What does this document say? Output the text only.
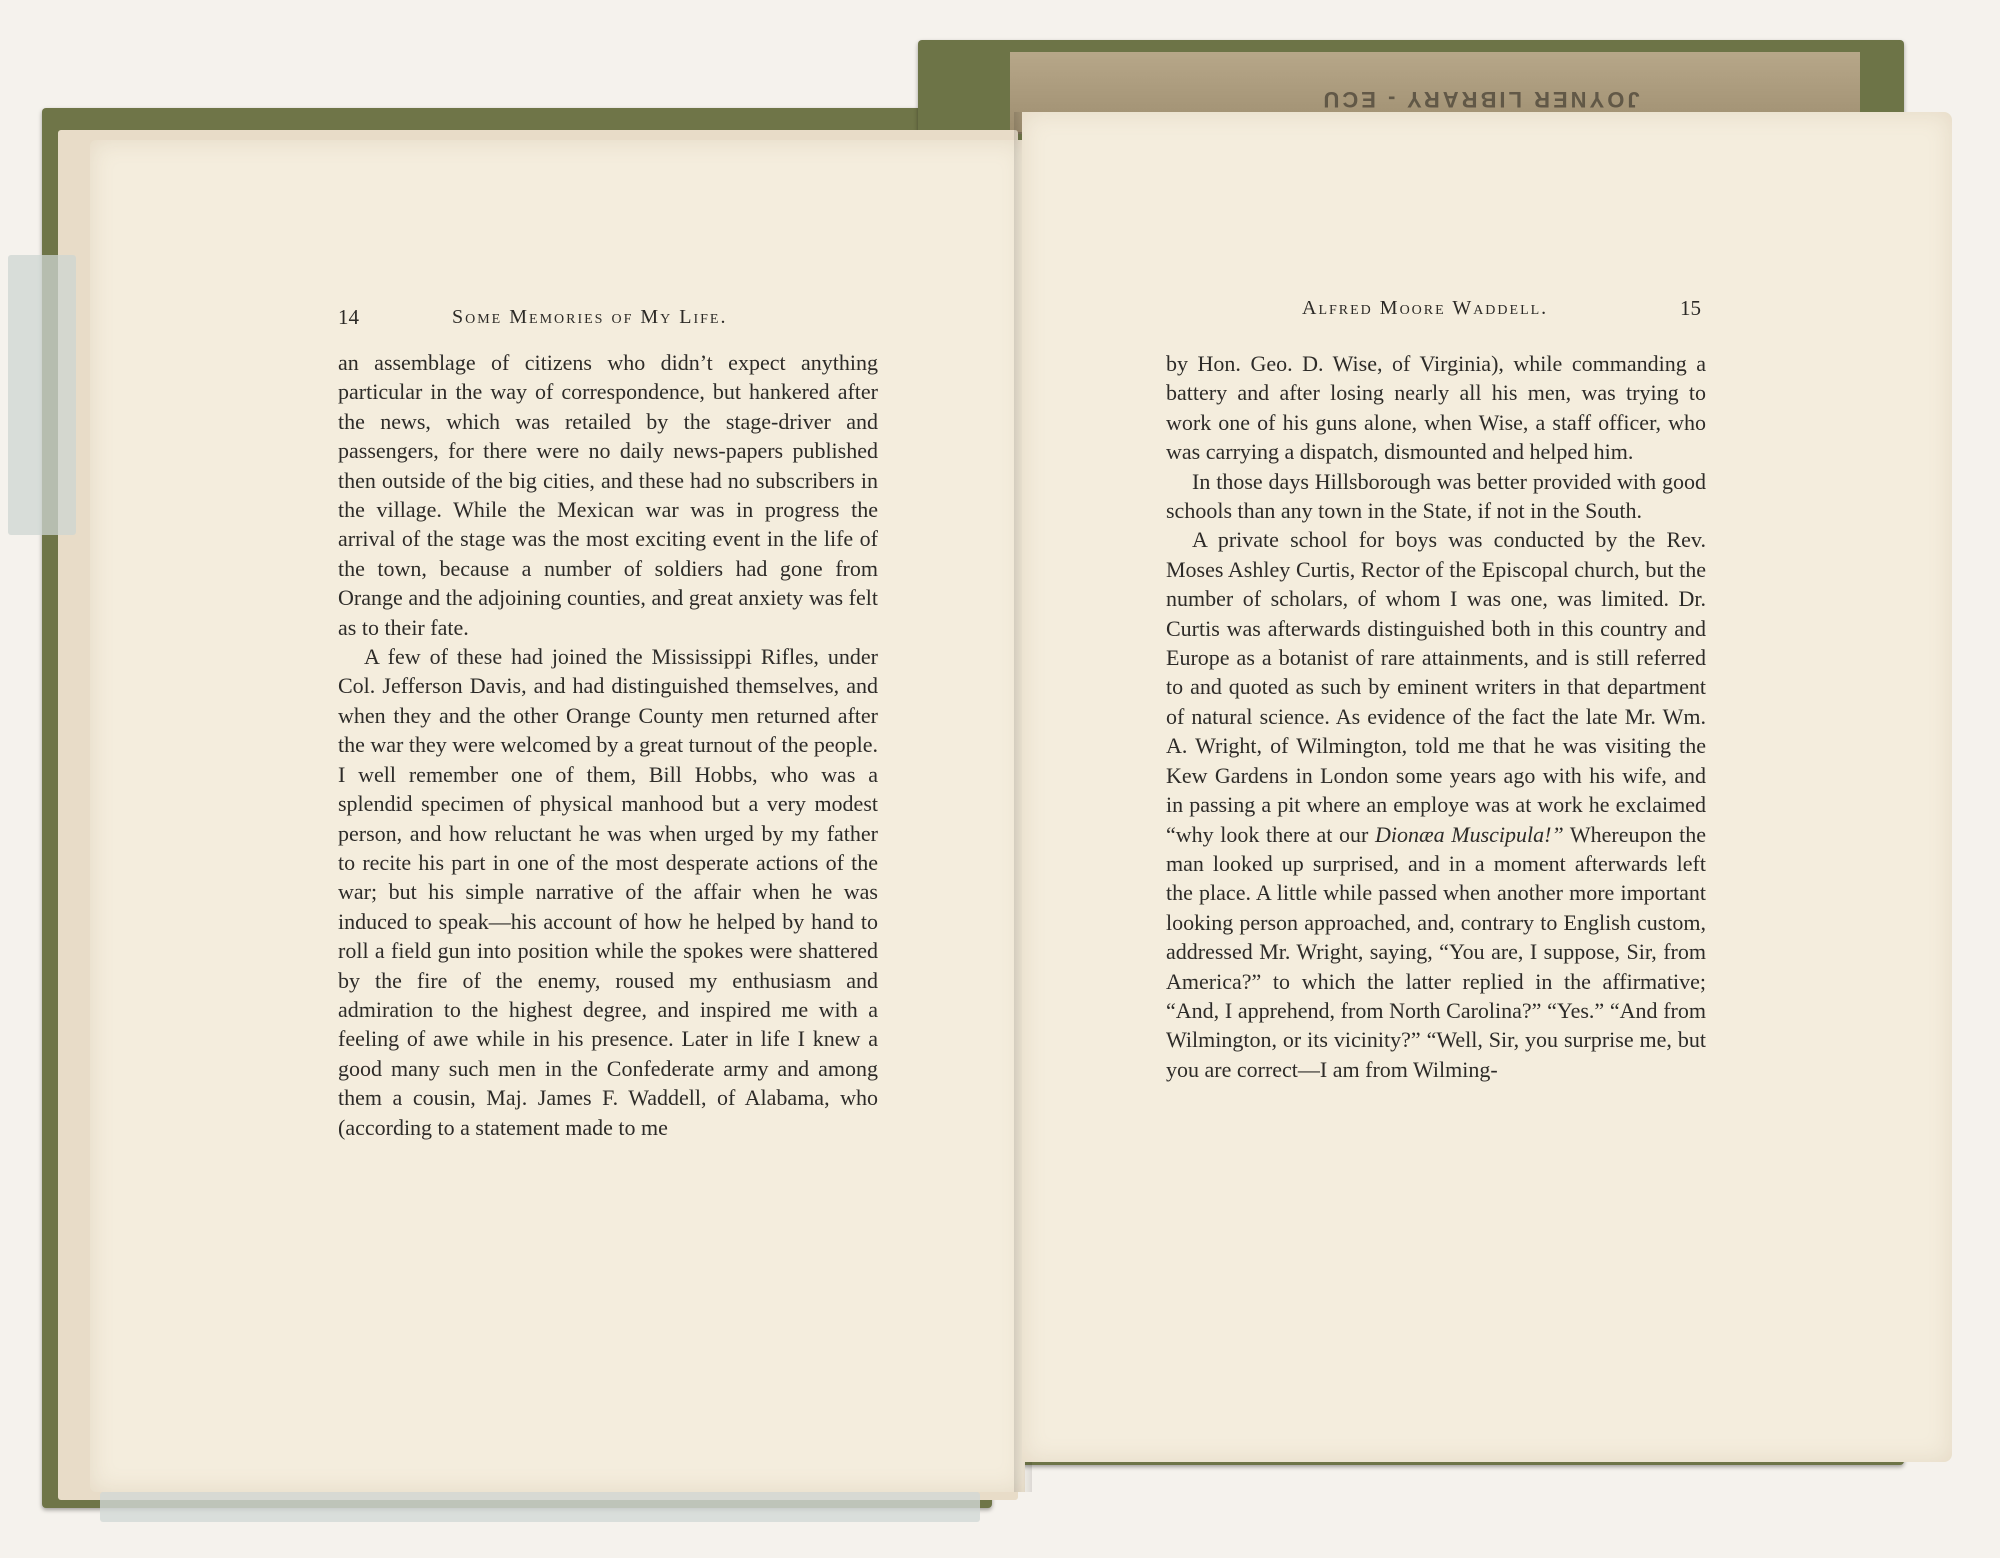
JOYNER LIBRARY - ECU
14	Some Memories of My Life.

an assemblage of citizens who didn’t expect anything particular in the way of correspondence, but hankered after the news, which was retailed by the stage-driver and passengers, for there were no daily news-papers published then outside of the big cities, and these had no subscribers in the village. While the Mexican war was in progress the arrival of the stage was the most exciting event in the life of the town, because a number of soldiers had gone from Orange and the adjoining counties, and great anxiety was felt as to their fate.

A few of these had joined the Mississippi Rifles, under Col. Jefferson Davis, and had distinguished themselves, and when they and the other Orange County men returned after the war they were welcomed by a great turnout of the people. I well remember one of them, Bill Hobbs, who was a splendid specimen of physical manhood but a very modest person, and how reluctant he was when urged by my father to recite his part in one of the most desperate actions of the war; but his simple narrative of the affair when he was induced to speak—his account of how he helped by hand to roll a field gun into position while the spokes were shattered by the fire of the enemy, roused my enthusiasm and admiration to the highest degree, and inspired me with a feeling of awe while in his presence. Later in life I knew a good many such men in the Confederate army and among them a cousin, Maj. James F. Waddell, of Alabama, who (according to a statement made to me

Alfred Moore Waddell.	15

by Hon. Geo. D. Wise, of Virginia), while commanding a battery and after losing nearly all his men, was trying to work one of his guns alone, when Wise, a staff officer, who was carrying a dispatch, dismounted and helped him.

In those days Hillsborough was better provided with good schools than any town in the State, if not in the South.

A private school for boys was conducted by the Rev. Moses Ashley Curtis, Rector of the Episcopal church, but the number of scholars, of whom I was one, was limited. Dr. Curtis was afterwards distinguished both in this country and Europe as a botanist of rare attainments, and is still referred to and quoted as such by eminent writers in that department of natural science. As evidence of the fact the late Mr. Wm. A. Wright, of Wilmington, told me that he was visiting the Kew Gardens in London some years ago with his wife, and in passing a pit where an employe was at work he exclaimed “why look there at our Dionæa Muscipula!” Whereupon the man looked up surprised, and in a moment afterwards left the place. A little while passed when another more important looking person approached, and, contrary to English custom, addressed Mr. Wright, saying, “You are, I suppose, Sir, from America?” to which the latter replied in the affirmative; “And, I apprehend, from North Carolina?” “Yes.” “And from Wilmington, or its vicinity?” “Well, Sir, you surprise me, but you are correct—I am from Wilming-
